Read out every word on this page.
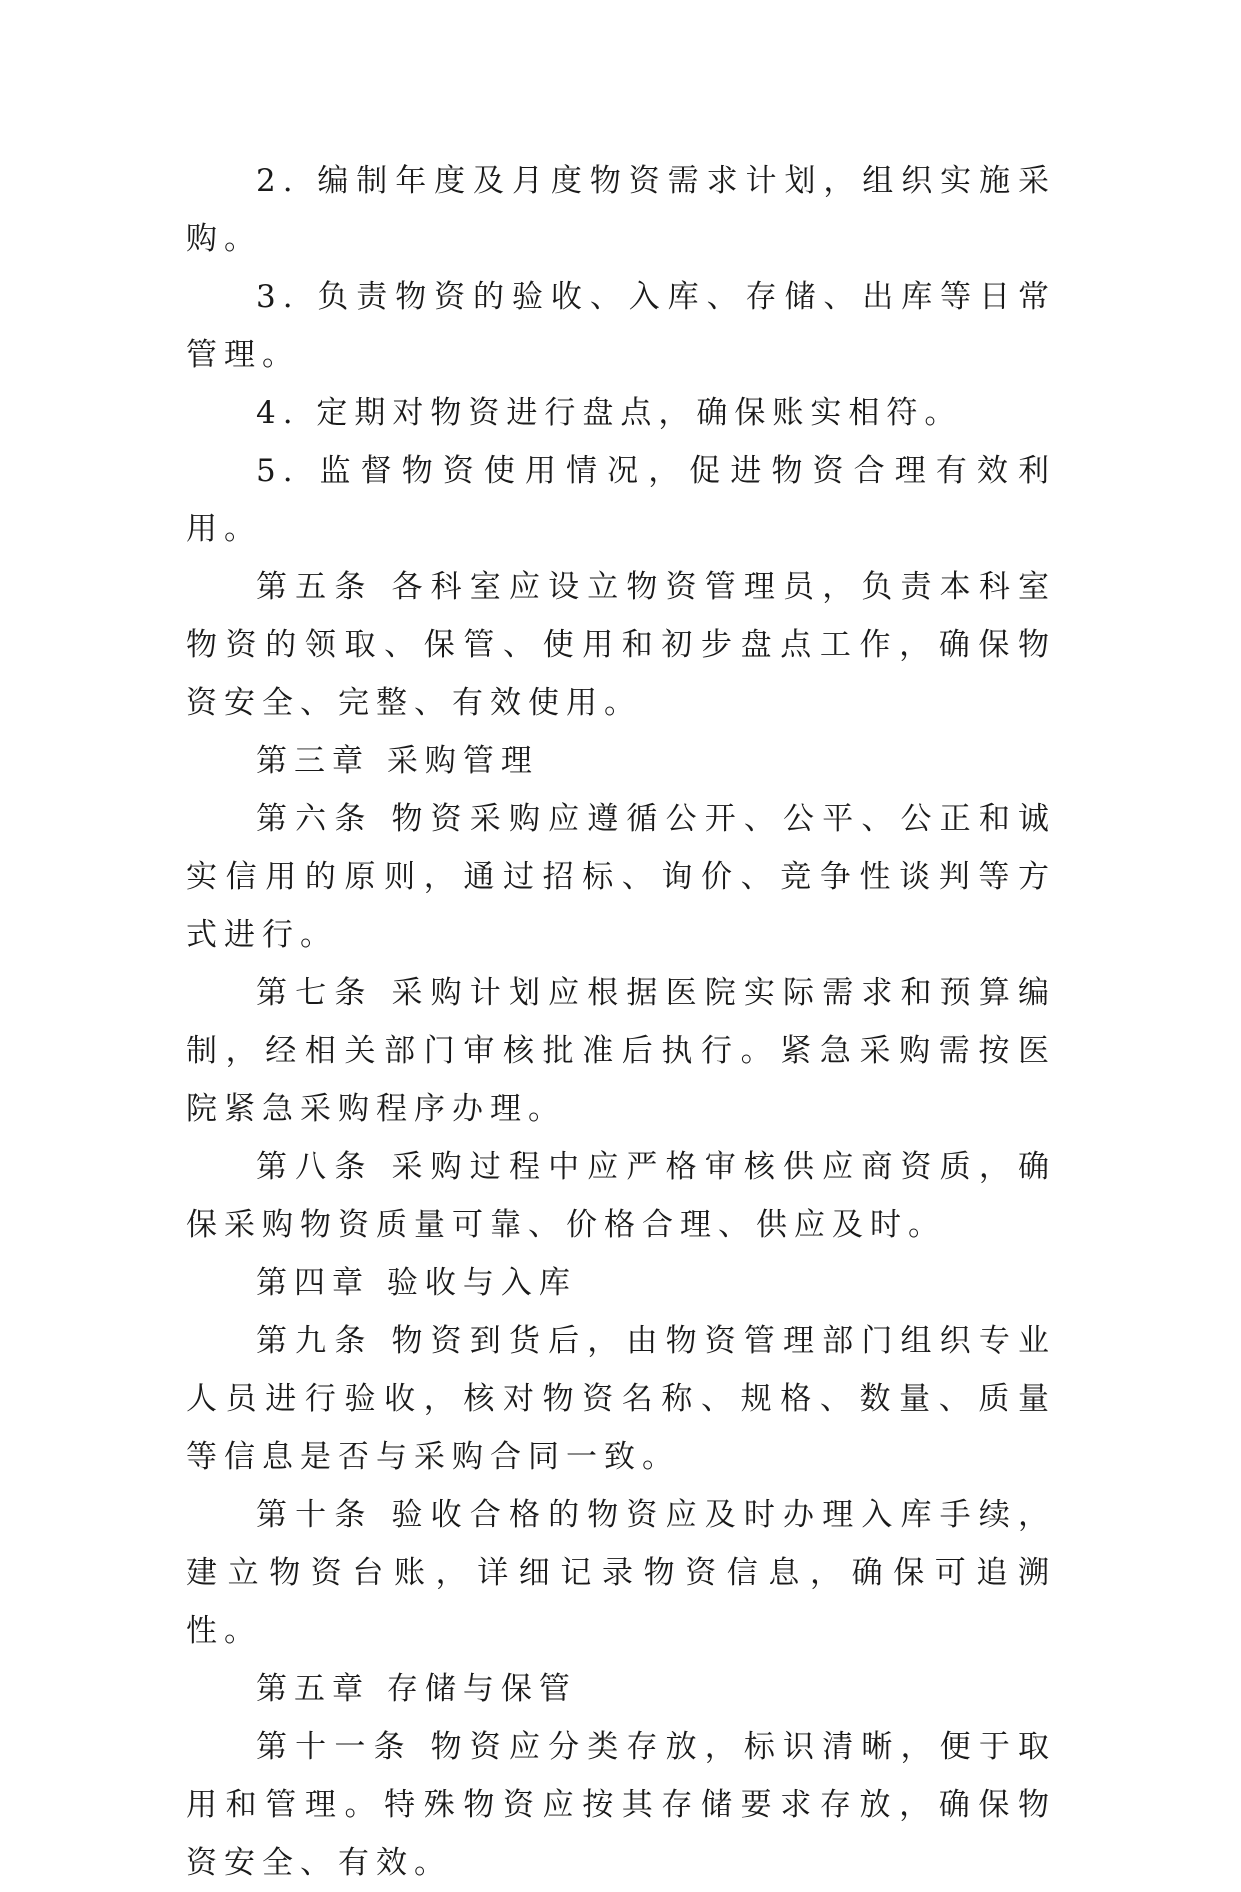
2. 编制年度及月度物资需求计划，组织实施采购。

3. 负责物资的验收、入库、存储、出库等日常管理。

4. 定期对物资进行盘点，确保账实相符。

5. 监督物资使用情况，促进物资合理有效利用。

第五条 各科室应设立物资管理员，负责本科室物资的领取、保管、使用和初步盘点工作，确保物资安全、完整、有效使用。

第三章 采购管理

第六条 物资采购应遵循公开、公平、公正和诚实信用的原则，通过招标、询价、竞争性谈判等方式进行。

第七条 采购计划应根据医院实际需求和预算编制，经相关部门审核批准后执行。紧急采购需按医院紧急采购程序办理。

第八条 采购过程中应严格审核供应商资质，确保采购物资质量可靠、价格合理、供应及时。

第四章 验收与入库

第九条 物资到货后，由物资管理部门组织专业人员进行验收，核对物资名称、规格、数量、质量等信息是否与采购合同一致。

第十条 验收合格的物资应及时办理入库手续，建立物资台账，详细记录物资信息，确保可追溯性。

第五章 存储与保管

第十一条 物资应分类存放，标识清晰，便于取用和管理。特殊物资应按其存储要求存放，确保物资安全、有效。
